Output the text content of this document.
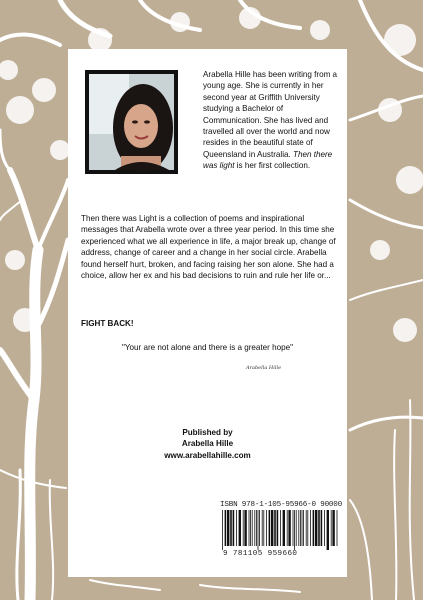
Arabella Hille has been writing from a young age. She is currently in her second year at Griffith University studying a Bachelor of Communication. She has lived and travelled all over the world and now resides in the beautiful state of Queensland in Australia. Then there was light is her first collection.
Then there was Light is a collection of poems and inspirational messages that Arabella wrote over a three year period. In this time she experienced what we all experience in life, a major break up, change of address, change of career and a change in her social circle. Arabella found herself hurt, broken, and facing raising her son alone. She had a choice, allow her ex and his bad decisions to ruin and rule her life or...
FIGHT BACK!
"Your are not alone and there is a greater hope"
Arabella Hille
Published by
Arabella Hille
www.arabellahille.com
ISBN 978-1-105-95966-0 90000
9 781105 959660
